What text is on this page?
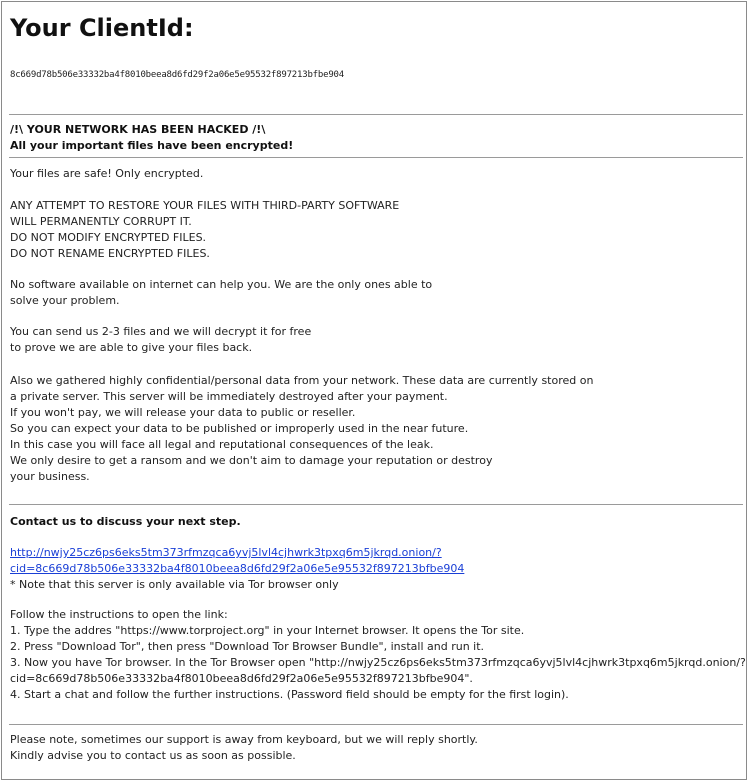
Your ClientId:
8c669d78b506e33332ba4f8010beea8d6fd29f2a06e5e95532f897213bfbe904
/!\ YOUR NETWORK HAS BEEN HACKED /!\
All your important files have been encrypted!
Your files are safe! Only encrypted.
ANY ATTEMPT TO RESTORE YOUR FILES WITH THIRD-PARTY SOFTWARE
WILL PERMANENTLY CORRUPT IT.
DO NOT MODIFY ENCRYPTED FILES.
DO NOT RENAME ENCRYPTED FILES.
No software available on internet can help you. We are the only ones able to
solve your problem.
You can send us 2-3 files and we will decrypt it for free
to prove we are able to give your files back.
Also we gathered highly confidential/personal data from your network. These data are currently stored on
a private server. This server will be immediately destroyed after your payment.
If you won't pay, we will release your data to public or reseller.
So you can expect your data to be published or improperly used in the near future.
In this case you will face all legal and reputational consequences of the leak.
We only desire to get a ransom and we don't aim to damage your reputation or destroy
your business.
Contact us to discuss your next step.
http://nwjy25cz6ps6eks5tm373rfmzqca6yvj5lvl4cjhwrk3tpxq6m5jkrqd.onion/?
cid=8c669d78b506e33332ba4f8010beea8d6fd29f2a06e5e95532f897213bfbe904
* Note that this server is only available via Tor browser only
Follow the instructions to open the link:
1. Type the addres "https://www.torproject.org" in your Internet browser. It opens the Tor site.
2. Press "Download Tor", then press "Download Tor Browser Bundle", install and run it.
3. Now you have Tor browser. In the Tor Browser open "http://nwjy25cz6ps6eks5tm373rfmzqca6yvj5lvl4cjhwrk3tpxq6m5jkrqd.onion/?
cid=8c669d78b506e33332ba4f8010beea8d6fd29f2a06e5e95532f897213bfbe904".
4. Start a chat and follow the further instructions. (Password field should be empty for the first login).
Please note, sometimes our support is away from keyboard, but we will reply shortly.
Kindly advise you to contact us as soon as possible.
